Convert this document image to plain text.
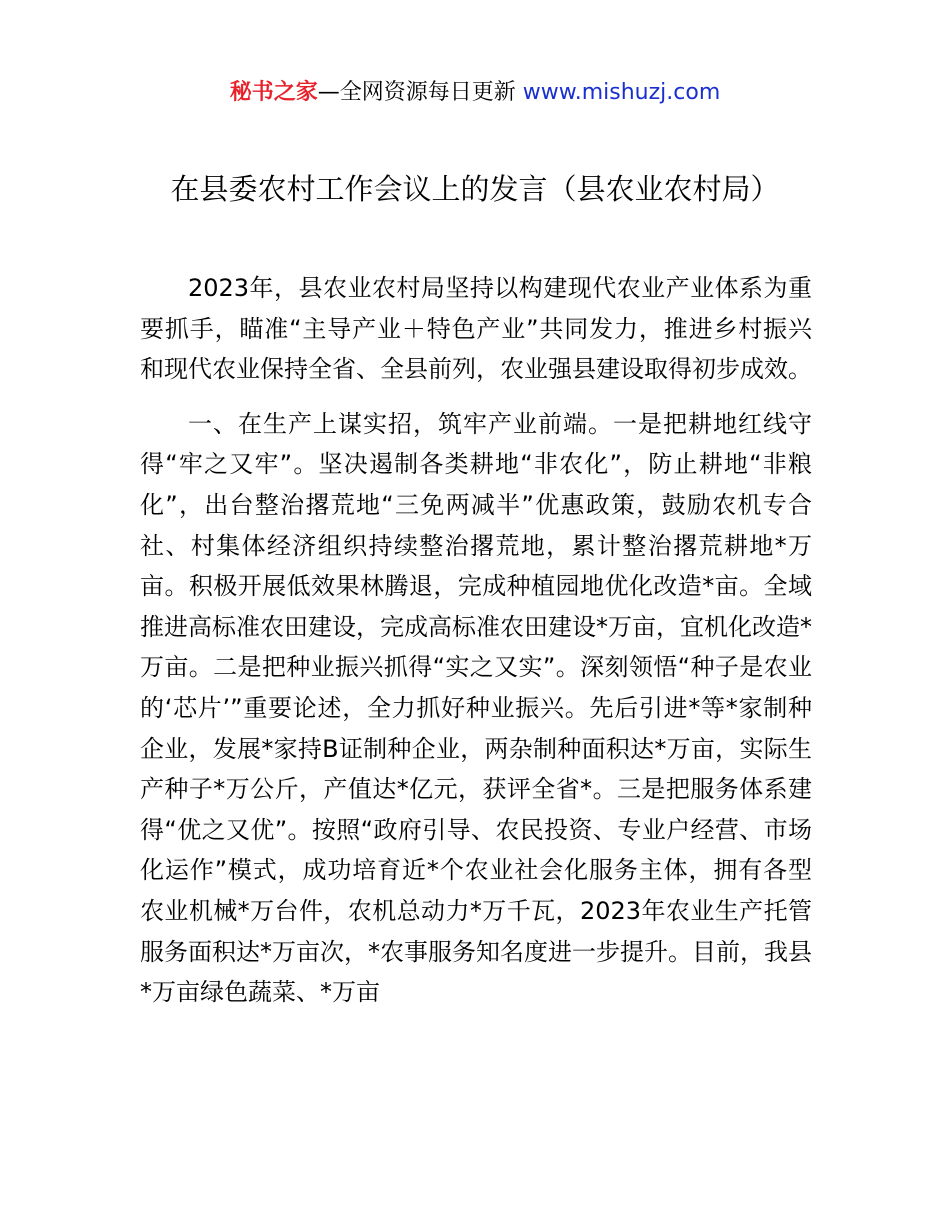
秘书之家—全网资源每日更新 www.mishuzj.com
在县委农村工作会议上的发言（县农业农村局）

2023年，县农业农村局坚持以构建现代农业产业体系为重要抓手，瞄准“主导产业＋特色产业”共同发力，推进乡村振兴和现代农业保持全省、全县前列，农业强县建设取得初步成效。

一、在生产上谋实招，筑牢产业前端。一是把耕地红线守得“牢之又牢”。坚决遏制各类耕地“非农化”，防止耕地“非粮化”，出台整治撂荒地“三免两减半”优惠政策，鼓励农机专合社、村集体经济组织持续整治撂荒地，累计整治撂荒耕地*万亩。积极开展低效果林腾退，完成种植园地优化改造*亩。全域推进高标准农田建设，完成高标准农田建设*万亩，宜机化改造*万亩。二是把种业振兴抓得“实之又实”。深刻领悟“种子是农业的‘芯片’”重要论述，全力抓好种业振兴。先后引进*等*家制种企业，发展*家持B证制种企业，两杂制种面积达*万亩，实际生产种子*万公斤，产值达*亿元，获评全省*。三是把服务体系建得“优之又优”。按照“政府引导、农民投资、专业户经营、市场化运作”模式，成功培育近*个农业社会化服务主体，拥有各型农业机械*万台件，农机总动力*万千瓦，2023年农业生产托管服务面积达*万亩次，*农事服务知名度进一步提升。目前，我县*万亩绿色蔬菜、*万亩
